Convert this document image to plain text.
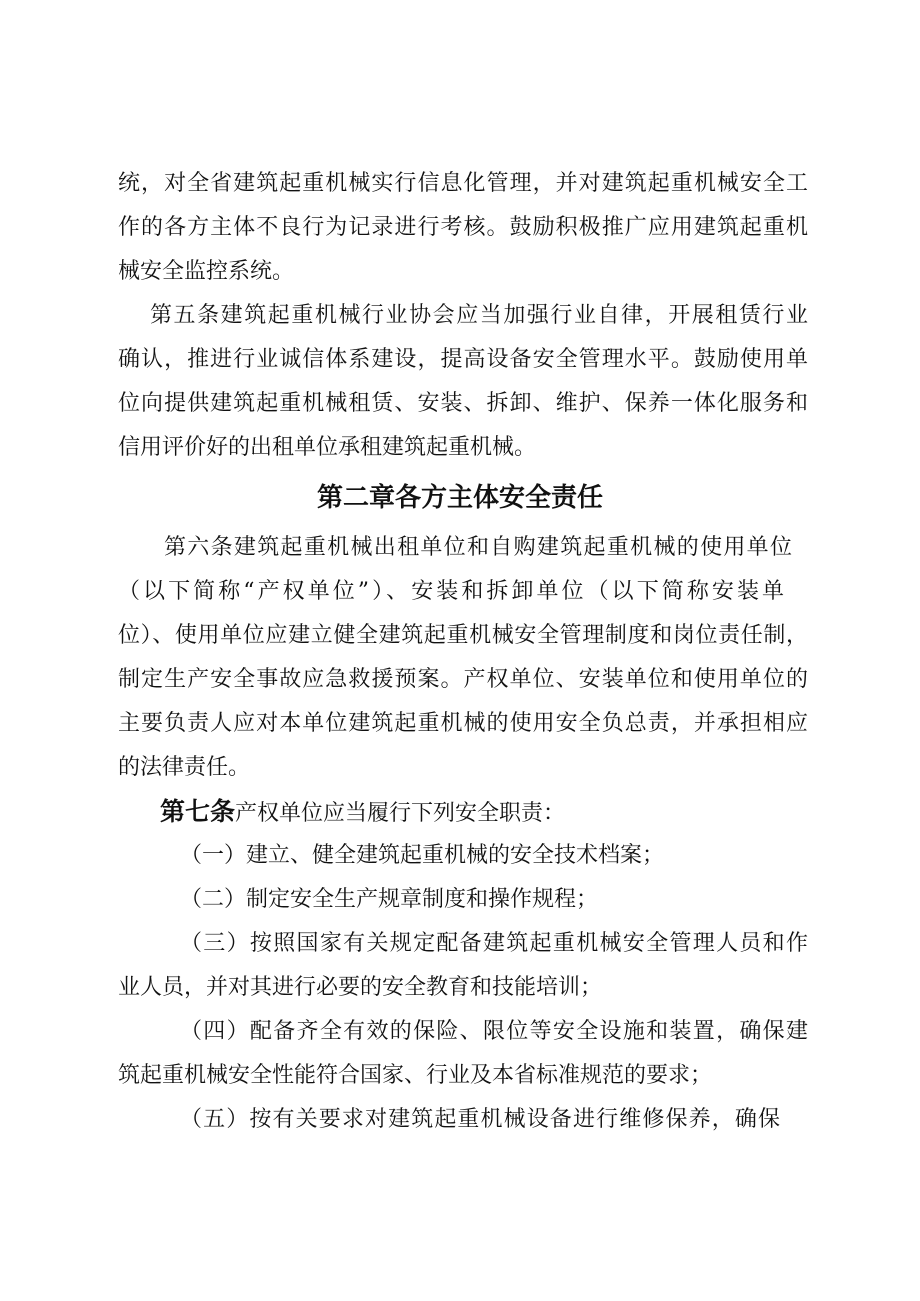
统，对全省建筑起重机械实行信息化管理，并对建筑起重机械安全工
作的各方主体不良行为记录进行考核。鼓励积极推广应用建筑起重机
械安全监控系统。
第五条建筑起重机械行业协会应当加强行业自律，开展租赁行业
确认，推进行业诚信体系建设，提高设备安全管理水平。鼓励使用单
位向提供建筑起重机械租赁、安装、拆卸、维护、保养一体化服务和
信用评价好的出租单位承租建筑起重机械。
第二章各方主体安全责任
第六条建筑起重机械出租单位和自购建筑起重机械的使用单位
（以下简称“产权单位”）、安装和拆卸单位（以下简称安装单
位）、使用单位应建立健全建筑起重机械安全管理制度和岗位责任制，
制定生产安全事故应急救援预案。产权单位、安装单位和使用单位的
主要负责人应对本单位建筑起重机械的使用安全负总责，并承担相应
的法律责任。
第七条产权单位应当履行下列安全职责：
（一）建立、健全建筑起重机械的安全技术档案；
（二）制定安全生产规章制度和操作规程；
（三）按照国家有关规定配备建筑起重机械安全管理人员和作
业人员，并对其进行必要的安全教育和技能培训；
（四）配备齐全有效的保险、限位等安全设施和装置，确保建
筑起重机械安全性能符合国家、行业及本省标准规范的要求；
（五）按有关要求对建筑起重机械设备进行维修保养，确保
